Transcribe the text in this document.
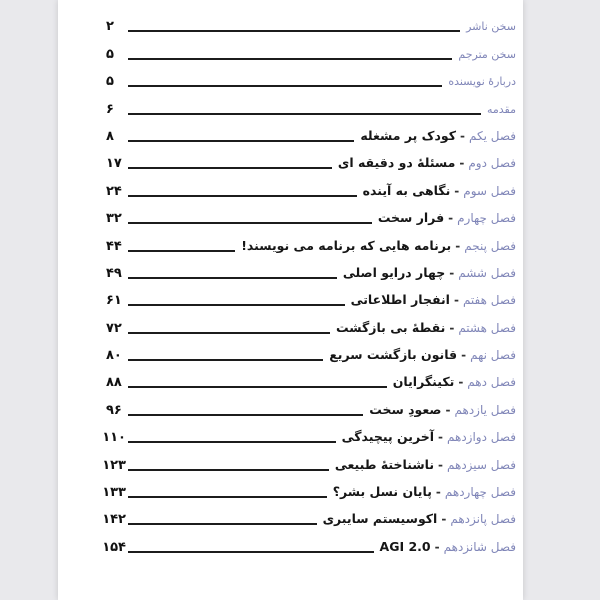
سخن ناشر
۲
سخن مترجم
۵
دربارهٔ نویسنده
۵
مقدمه
۶
فصل یکم-کودک پر مشغله
۸
فصل دوم-مسئلهٔ دو دقیقه ای
۱۷
فصل سوم-نگاهی به آینده
۲۴
فصل چهارم-فرار سخت
۳۲
فصل پنجم-برنامه هایی که برنامه می نویسند!
۴۴
فصل ششم-چهار درایو اصلی
۴۹
فصل هفتم-انفجار اطلاعاتی
۶۱
فصل هشتم-نقطهٔ بی بازگشت
۷۲
فصل نهم-قانون بازگشت سریع
۸۰
فصل دهم-تکینگرایان
۸۸
فصل یازدهم-صعودِ سخت
۹۶
فصل دوازدهم-آخرین پیچیدگی
۱۱۰
فصل سیزدهم-ناشناختهٔ طبیعی
۱۲۳
فصل چهاردهم-پایان نسل بشر؟
۱۳۳
فصل پانزدهم-اکوسیستم سایبری
۱۴۲
فصل شانزدهم-AGI 2.0
۱۵۴
